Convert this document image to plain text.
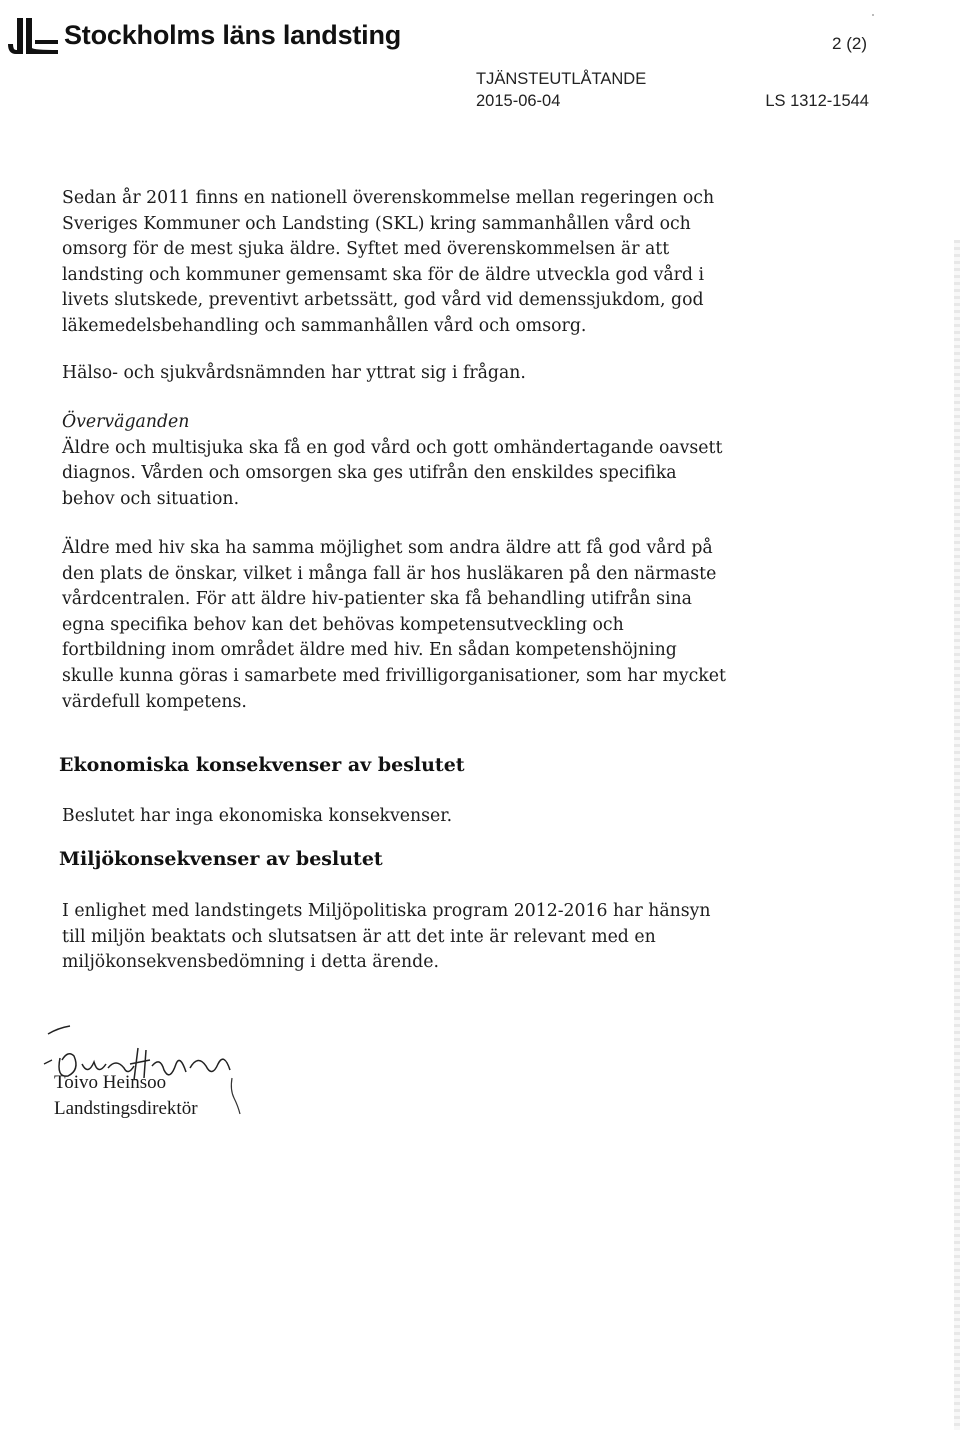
Stockholms läns landsting	2 (2)
TJÄNSTEUTLÅTANDE
2015-06-04	LS 1312-1544
Sedan år 2011 finns en nationell överenskommelse mellan regeringen och
Sveriges Kommuner och Landsting (SKL) kring sammanhållen vård och
omsorg för de mest sjuka äldre. Syftet med överenskommelsen är att
landsting och kommuner gemensamt ska för de äldre utveckla god vård i
livets slutskede, preventivt arbetssätt, god vård vid demenssjukdom, god
läkemedelsbehandling och sammanhållen vård och omsorg.
Hälso- och sjukvårdsnämnden har yttrat sig i frågan.
Överväganden
Äldre och multisjuka ska få en god vård och gott omhändertagande oavsett
diagnos. Vården och omsorgen ska ges utifrån den enskildes specifika
behov och situation.
Äldre med hiv ska ha samma möjlighet som andra äldre att få god vård på
den plats de önskar, vilket i många fall är hos husläkaren på den närmaste
vårdcentralen. För att äldre hiv-patienter ska få behandling utifrån sina
egna specifika behov kan det behövas kompetensutveckling och
fortbildning inom området äldre med hiv. En sådan kompetenshöjning
skulle kunna göras i samarbete med frivilligorganisationer, som har mycket
värdefull kompetens.
Ekonomiska konsekvenser av beslutet
Beslutet har inga ekonomiska konsekvenser.
Miljökonsekvenser av beslutet
I enlighet med landstingets Miljöpolitiska program 2012-2016 har hänsyn
till miljön beaktats och slutsatsen är att det inte är relevant med en
miljökonsekvensbedömning i detta ärende.
Toivo Heinsoo
Landstingsdirektör
